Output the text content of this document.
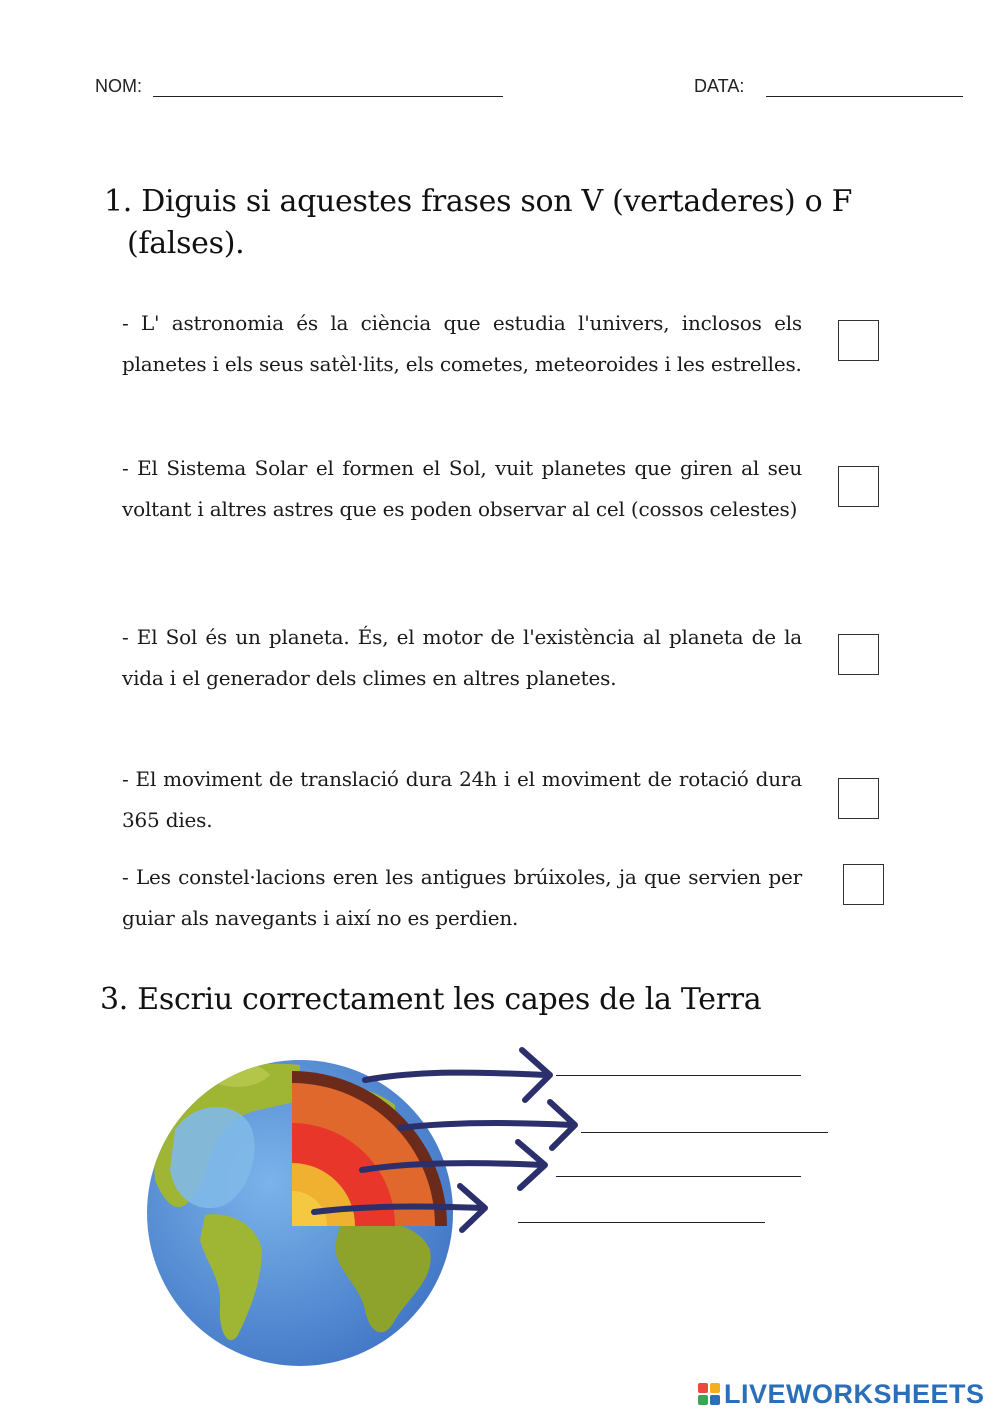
NOM:	DATA:
1. Diguis si aquestes frases son V (vertaderes) o F
(falses).
- L' astronomia és la ciència que estudia l'univers, inclosos els planetes i els seus satèl·lits, els cometes, meteoroides i les estrelles.
- El Sistema Solar el formen el Sol, vuit planetes que giren al seu voltant i altres astres que es poden observar al cel (cossos celestes)
- El Sol és un planeta. És, el motor de l'existència al planeta de la vida i el generador dels climes en altres planetes.
- El moviment de translació dura 24h i el moviment de rotació dura 365 dies.
- Les constel·lacions eren les antigues brúixoles, ja que servien per guiar als navegants i així no es perdien.
3. Escriu correctament les capes de la Terra
LIVEWORKSHEETS
